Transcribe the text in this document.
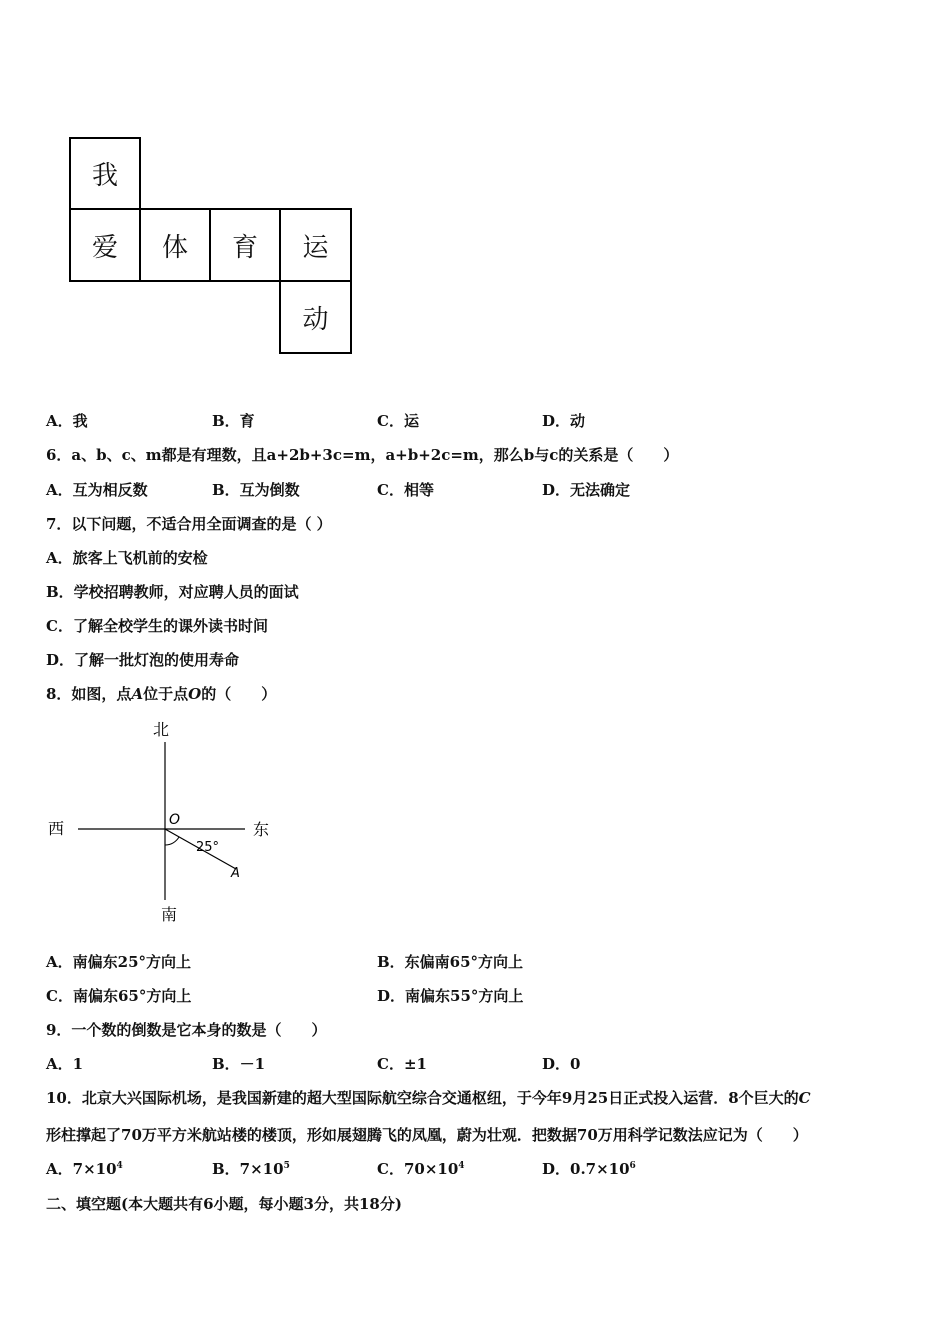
我
爱 体 育 运
动
A．我	B．育	C．运	D．动
6．a、b、c、m都是有理数，且a+2b+3c=m，a+b+2c=m，那么b与c的关系是（　　）
A．互为相反数	B．互为倒数	C．相等	D．无法确定
7．以下问题，不适合用全面调查的是（ ）
A．旅客上飞机前的安检
B．学校招聘教师，对应聘人员的面试
C．了解全校学生的课外读书时间
D．了解一批灯泡的使用寿命
8．如图，点A位于点O的（　　）
北
南
西	东
O
25°
A
A．南偏东25°方向上	B．东偏南65°方向上
C．南偏东65°方向上	D．南偏东55°方向上
9．一个数的倒数是它本身的数是（　　）
A．1	B．－1	C．±1	D．0
10．北京大兴国际机场，是我国新建的超大型国际航空综合交通枢纽，于今年9月25日正式投入运营．8个巨大的C
形柱撑起了70万平方米航站楼的楼顶，形如展翅腾飞的凤凰，蔚为壮观．把数据70万用科学记数法应记为（　　）
A．$7\times 10^4$	B．$7\times 10^5$	C．$70\times 10^4$	D．$0.7\times 10^6$
二、填空题(本大题共有6小题，每小题3分，共18分)
